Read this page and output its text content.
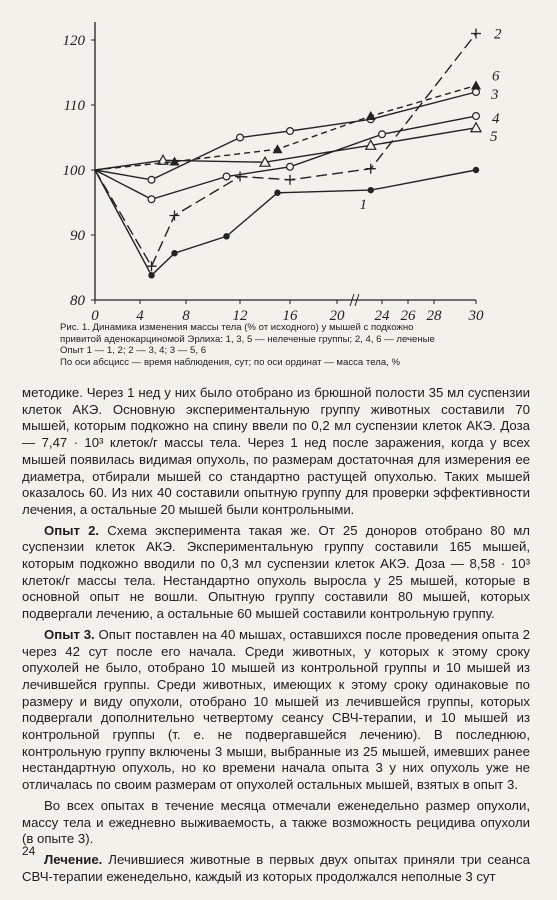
80
90
100
110
120
0	4	8	12 16 20 24 26 28 30
1
2
3
4
5
6
Рис. 1. Динамика изменения массы тела (% от исходного) у мышей с подкожно
привитой аденокарциномой Эрлиха: 1, 3, 5 — нелеченые группы; 2, 4, 6 — леченые
Опыт 1 — 1, 2; 2 — 3, 4; 3 — 5, 6
По оси абсцисс — время наблюдения, сут; по оси ординат — масса тела, %

методике. Через 1 нед у них было отобрано из брюшной полости 35 мл суспензии клеток АКЭ. Основную экспериментальную группу животных составили 70 мышей, которым подкожно на спину ввели по 0,2 мл суспензии клеток АКЭ. Доза — 7,47 · 10³ клеток/г массы тела. Через 1 нед после заражения, когда у всех мышей появилась видимая опухоль, по размерам достаточная для измерения ее диаметра, отбирали мышей со стандартно растущей опухолью. Таких мышей оказалось 60. Из них 40 составили опытную группу для проверки эффективности лечения, а остальные 20 мышей были контрольными.

Опыт 2. Схема эксперимента такая же. От 25 доноров отобрано 80 мл суспензии клеток АКЭ. Экспериментальную группу составили 165 мышей, которым подкожно вводили по 0,3 мл суспензии клеток АКЭ. Доза — 8,58 · 10³ клеток/г массы тела. Нестандартно опухоль выросла у 25 мышей, которые в основной опыт не вошли. Опытную группу составили 80 мышей, которых подвергали лечению, а остальные 60 мышей составили контрольную группу.

Опыт 3. Опыт поставлен на 40 мышах, оставшихся после проведения опыта 2 через 42 сут после его начала. Среди животных, у которых к этому сроку опухолей не было, отобрано 10 мышей из контрольной группы и 10 мышей из лечившейся группы. Среди животных, имеющих к этому сроку одинаковые по размеру и виду опухоли, отобрано 10 мышей из лечившейся группы, которых подвергали дополнительно четвертому сеансу СВЧ-терапии, и 10 мышей из контрольной группы (т. е. не подвергавшейся лечению). В последнюю, контрольную группу включены 3 мыши, выбранные из 25 мышей, имевших ранее нестандартную опухоль, но ко времени начала опыта 3 у них опухоль уже не отличалась по своим размерам от опухолей остальных мышей, взятых в опыт 3.

Во всех опытах в течение месяца отмечали еженедельно размер опухоли, массу тела и ежедневно выживаемость, а также возможность рецидива опухоли (в опыте 3).

Лечение. Лечившиеся животные в первых двух опытах приняли три сеанса СВЧ-терапии еженедельно, каждый из которых продолжался неполные 3 сут

24
